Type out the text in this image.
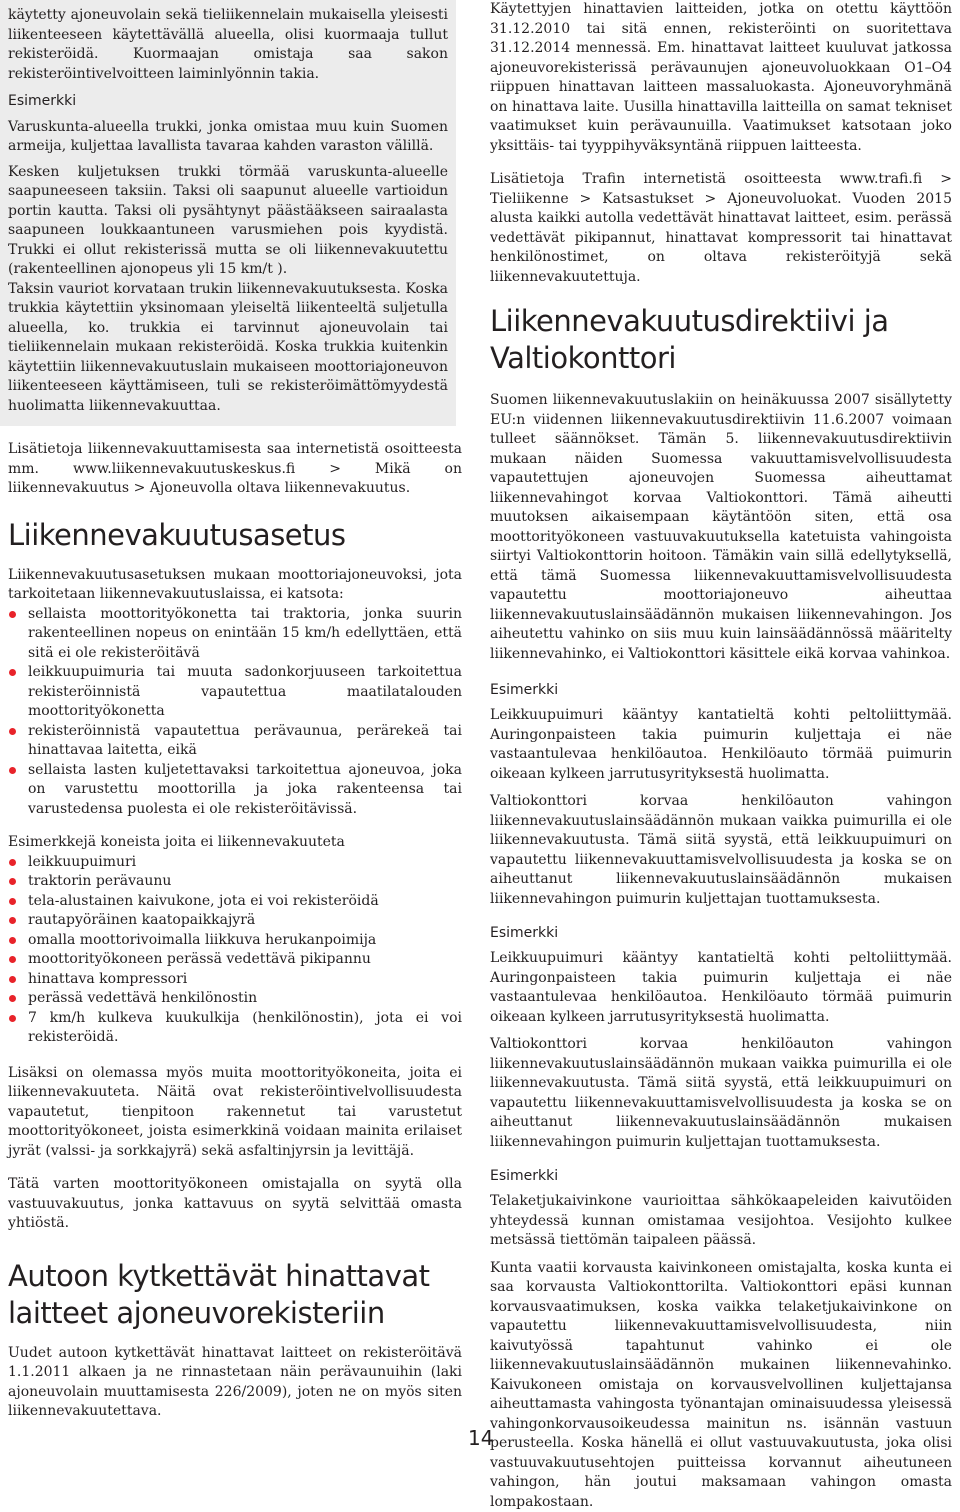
käytetty ajoneuvolain sekä tieliikennelain mukaisella yleisesti liikenteeseen käytettävällä alueella, olisi kuormaaja tullut rekisteröidä. Kuormaajan omistaja saa sakon rekisteröintivelvoitteen laiminlyönnin takia.

Esimerkki

Varuskunta-alueella trukki, jonka omistaa muu kuin Suomen armeija, kuljettaa lavallista tavaraa kahden varaston välillä.

Kesken kuljetuksen trukki törmää varuskunta-alueelle saapuneeseen taksiin. Taksi oli saapunut alueelle vartioidun portin kautta. Taksi oli pysähtynyt päästääkseen sairaalasta saapuneen loukkaantuneen varusmiehen pois kyydistä. Trukki ei ollut rekisterissä mutta se oli liikennevakuutettu (rakenteellinen ajonopeus yli 15 km/t ).

Taksin vauriot korvataan trukin liikennevakuutuksesta. Koska trukkia käytettiin yksinomaan yleiseltä liikenteeltä suljetulla alueella, ko. trukkia ei tarvinnut ajoneuvolain tai tieliikennelain mukaan rekisteröidä. Koska trukkia kuitenkin käytettiin liikennevakuutuslain mukaiseen moottoriajoneuvon liikenteeseen käyttämiseen, tuli se rekisteröimättömyydestä huolimatta liikennevakuuttaa.

Lisätietoja liikennevakuuttamisesta saa internetistä osoitteesta mm. www.liikennevakuutuskeskus.fi > Mikä on liikennevakuutus > Ajoneuvolla oltava liikennevakuutus.

Liikennevakuutusasetus

Liikennevakuutusasetuksen mukaan moottoriajoneuvoksi, jota tarkoitetaan liikennevakuutuslaissa, ei katsota:

sellaista moottorityökonetta tai traktoria, jonka suurin rakenteellinen nopeus on enintään 15 km/h edellyttäen, että sitä ei ole rekisteröitävä
leikkuupuimuria tai muuta sadonkorjuuseen tarkoitettua rekisteröinnistä vapautettua maatilatalouden moottorityökonetta
rekisteröinnistä vapautettua perävaunua, perärekeä tai hinattavaa laitetta, eikä
sellaista lasten kuljetettavaksi tarkoitettua ajoneuvoa, joka on varustettu moottorilla ja joka rakenteensa tai varustedensa puolesta ei ole rekisteröitävissä.

Esimerkkejä koneista joita ei liikennevakuuteta

leikkuupuimuri
traktorin perävaunu
tela-alustainen kaivukone, jota ei voi rekisteröidä
rautapyöräinen kaatopaikkajyrä
omalla moottorivoimalla liikkuva herukanpoimija
moottorityökoneen perässä vedettävä pikipannu
hinattava kompressori
perässä vedettävä henkilönostin
7 km/h kulkeva kuukulkija (henkilönostin), jota ei voi rekisteröidä.

Lisäksi on olemassa myös muita moottorityökoneita, joita ei liikennevakuuteta. Näitä ovat rekisteröintivelvollisuudesta vapautetut, tienpitoon rakennetut tai varustetut moottorityökoneet, joista esimerkkinä voidaan mainita erilaiset jyrät (valssi- ja sorkkajyrä) sekä asfaltinjyrsin ja levittäjä.

Tätä varten moottorityökoneen omistajalla on syytä olla vastuuvakuutus, jonka kattavuus on syytä selvittää omasta yhtiöstä.

Autoon kytkettävät hinattavat laitteet ajoneuvorekisteriin

Uudet autoon kytkettävät hinattavat laitteet on rekisteröitävä 1.1.2011 alkaen ja ne rinnastetaan näin perävaunuihin (laki ajoneuvolain muuttamisesta 226/2009), joten ne on myös siten liikennevakuutettava.

Käytettyjen hinattavien laitteiden, jotka on otettu käyttöön 31.12.2010 tai sitä ennen, rekisteröinti on suoritettava 31.12.2014 mennessä. Em. hinattavat laitteet kuuluvat jatkossa ajoneuvorekisterissä perävaunujen ajoneuvoluokkaan O1–O4 riippuen hinattavan laitteen massaluokasta. Ajoneuvoryhmänä on hinattava laite. Uusilla hinattavilla laitteilla on samat tekniset vaatimukset kuin perävaunuilla. Vaatimukset katsotaan joko yksittäis- tai tyyppihyväksyntänä riippuen laitteesta.

Lisätietoja Trafin internetistä osoitteesta www.trafi.fi > Tieliikenne > Katsastukset > Ajoneuvoluokat. Vuoden 2015 alusta kaikki autolla vedettävät hinattavat laitteet, esim. perässä vedettävät pikipannut, hinattavat kompressorit tai hinattavat henkilönostimet, on oltava rekisteröityjä sekä liikennevakuutettuja.

Liikennevakuutusdirektiivi ja Valtiokonttori

Suomen liikennevakuutuslakiin on heinäkuussa 2007 sisällytetty EU:n viidennen liikennevakuutusdirektiivin 11.6.2007 voimaan tulleet säännökset. Tämän 5. liikennevakuutusdirektiivin mukaan näiden Suomessa vakuuttamisvelvollisuudesta vapautettujen ajoneuvojen Suomessa aiheuttamat liikennevahingot korvaa Valtiokonttori. Tämä aiheutti muutoksen aikaisempaan käytäntöön siten, että osa moottorityökoneen vastuuvakuutuksella katetuista vahingoista siirtyi Valtiokonttorin hoitoon. Tämäkin vain sillä edellytyksellä, että tämä Suomessa liikennevakuuttamisvelvollisuudesta vapautettu moottoriajoneuvo aiheuttaa liikennevakuutuslainsäädännön mukaisen liikennevahingon. Jos aiheutettu vahinko on siis muu kuin lainsäädännössä määritelty liikennevahinko, ei Valtiokonttori käsittele eikä korvaa vahinkoa.

Esimerkki

Leikkuupuimuri kääntyy kantatieltä kohti peltoliittymää. Auringonpaisteen takia puimurin kuljettaja ei näe vastaantulevaa henkilöautoa. Henkilöauto törmää puimurin oikeaan kylkeen jarrutusyrityksestä huolimatta.

Valtiokonttori korvaa henkilöauton vahingon liikennevakuutuslainsäädännön mukaan vaikka puimurilla ei ole liikennevakuutusta. Tämä siitä syystä, että leikkuupuimuri on vapautettu liikennevakuuttamisvelvollisuudesta ja koska se on aiheuttanut liikennevakuutuslainsäädännön mukaisen liikennevahingon puimurin kuljettajan tuottamuksesta.

Esimerkki

Leikkuupuimuri kääntyy kantatieltä kohti peltoliittymää. Auringonpaisteen takia puimurin kuljettaja ei näe vastaantulevaa henkilöautoa. Henkilöauto törmää puimurin oikeaan kylkeen jarrutusyrityksestä huolimatta.

Valtiokonttori korvaa henkilöauton vahingon liikennevakuutuslainsäädännön mukaan vaikka puimurilla ei ole liikennevakuutusta. Tämä siitä syystä, että leikkuupuimuri on vapautettu liikennevakuuttamisvelvollisuudesta ja koska se on aiheuttanut liikennevakuutuslainsäädännön mukaisen liikennevahingon puimurin kuljettajan tuottamuksesta.

Esimerkki

Telaketjukaivinkone vaurioittaa sähkökaapeleiden kaivutöiden yhteydessä kunnan omistamaa vesijohtoa. Vesijohto kulkee metsässä tiettömän taipaleen päässä.

Kunta vaatii korvausta kaivinkoneen omistajalta, koska kunta ei saa korvausta Valtiokonttorilta. Valtiokonttori epäsi kunnan korvausvaatimuksen, koska vaikka telaketjukaivinkone on vapautettu liikennevakuuttamisvelvollisuudesta, niin kaivutyössä tapahtunut vahinko ei ole liikennevakuutuslainsäädännön mukainen liikennevahinko. Kaivukoneen omistaja on korvausvelvollinen kuljettajansa aiheuttamasta vahingosta työnantajan ominaisuudessa yleisessä vahingonkorvausoikeudessa mainitun ns. isännän vastuun perusteella. Koska hänellä ei ollut vastuuvakuutusta, joka olisi vastuuvakuutusehtojen puitteissa korvannut aiheutuneen vahingon, hän joutui maksamaan vahingon omasta lompakostaan.

14
